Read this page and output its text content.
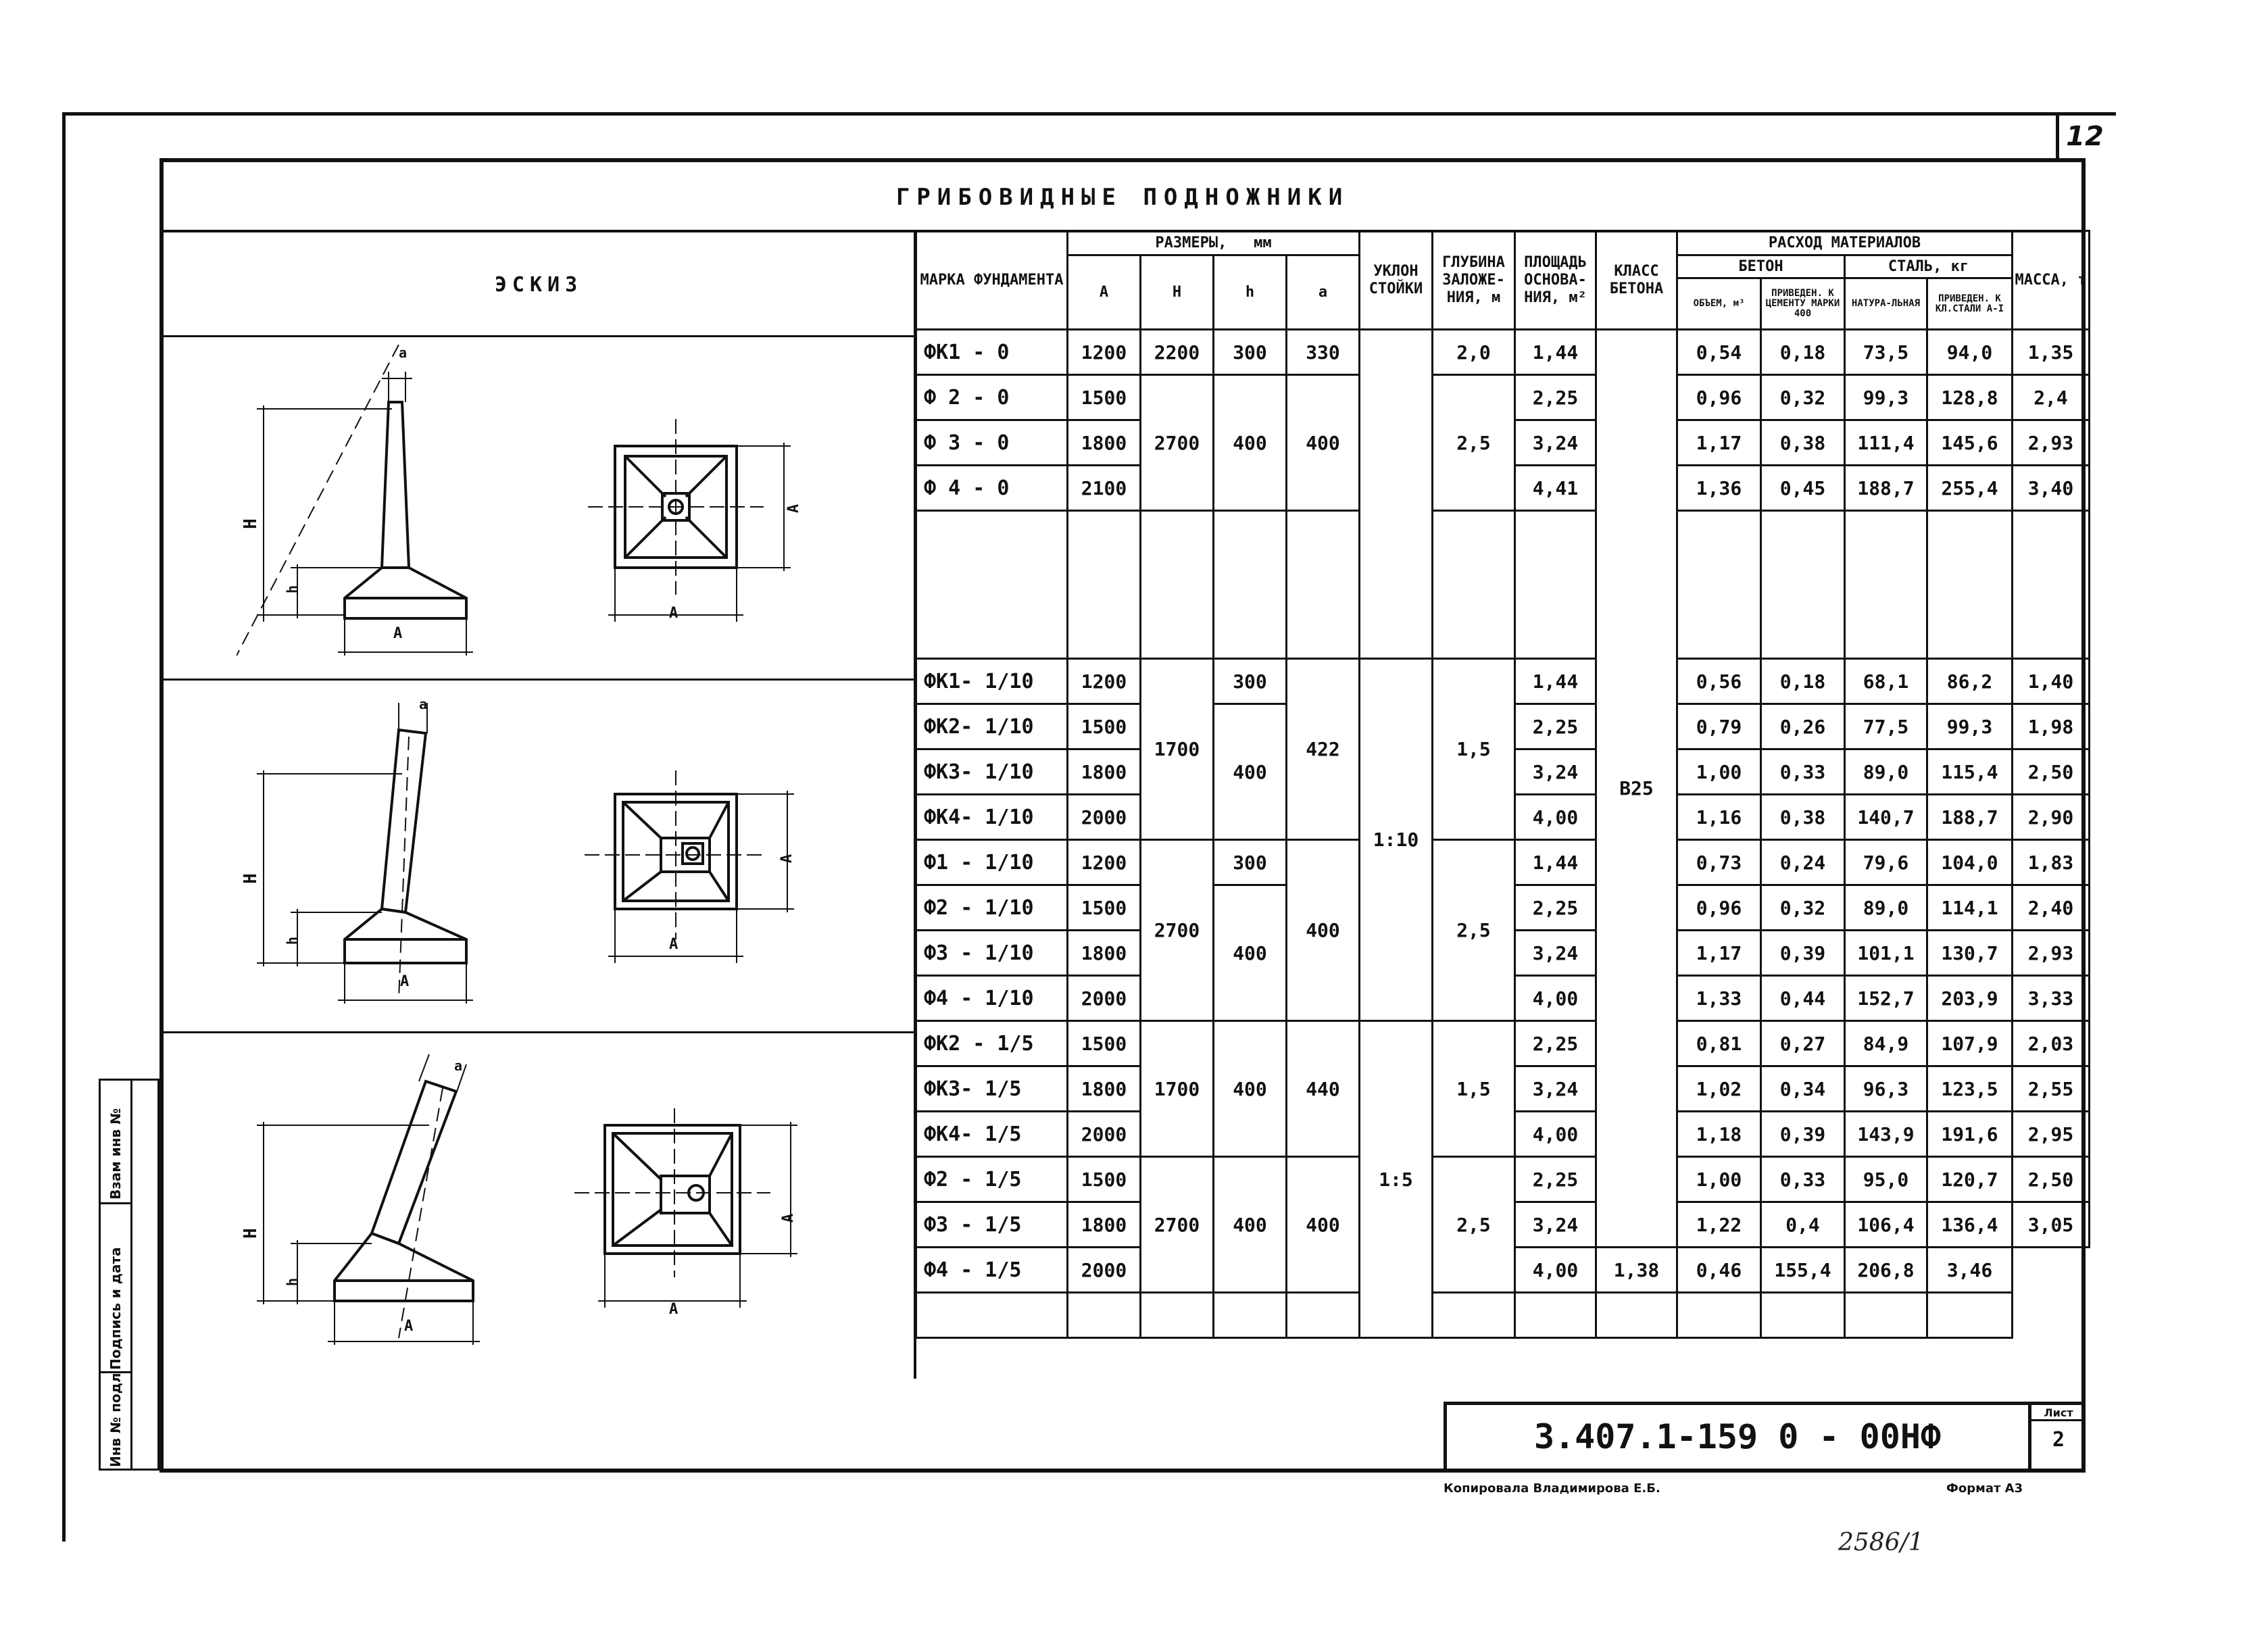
12
ГРИБОВИДНЫЕ ПОДНОЖНИКИ
ЭСКИЗ
H
h
A
a
A
A
H
h
A
a
A
A
H
h
A
a
A
A
МАРКА ФУНДАМЕНТА	РАЗМЕРЫ, мм				УКЛОН СТОЙКИ	ГЛУБИНА ЗАЛОЖЕ-НИЯ, м	ПЛОЩАДЬ ОСНОВА-НИЯ, м²	КЛАСС БЕТОНА	РАСХОД МАТЕРИАЛОВ				МАССА, т
	A	H	h	a					БЕТОН		СТАЛЬ, кг		
									ОБЪЕМ, м³	ПРИВЕДЕН. К ЦЕМЕНТУ МАРКИ 400	НАТУРА-ЛЬНАЯ	ПРИВЕДЕН. К КЛ.СТАЛИ А-I	
ФК1 - 0	1200	2200	300	330		2,0	1,44	B25	0,54	0,18	73,5	94,0	1,35
Ф 2 - 0	1500	2700	400	400		2,5	2,25		0,96	0,32	99,3	128,8	2,4
Ф 3 - 0	1800						3,24		1,17	0,38	111,4	145,6	2,93
Ф 4 - 0	2100						4,41		1,36	0,45	188,7	255,4	3,40

ФК1- 1/10	1200	1700	300	422	1:10	1,5	1,44		0,56	0,18	68,1	86,2	1,40
ФК2- 1/10	1500		400				2,25		0,79	0,26	77,5	99,3	1,98
ФК3- 1/10	1800						3,24		1,00	0,33	89,0	115,4	2,50
ФК4- 1/10	2000						4,00		1,16	0,38	140,7	188,7	2,90
Ф1 - 1/10	1200	2700	300	400		2,5	1,44		0,73	0,24	79,6	104,0	1,83
Ф2 - 1/10	1500		400				2,25		0,96	0,32	89,0	114,1	2,40
Ф3 - 1/10	1800						3,24		1,17	0,39	101,1	130,7	2,93
Ф4 - 1/10	2000						4,00		1,33	0,44	152,7	203,9	3,33
ФК2 - 1/5	1500	1700	400	440	1:5	1,5	2,25		0,81	0,27	84,9	107,9	2,03
ФК3- 1/5	1800						3,24		1,02	0,34	96,3	123,5	2,55
ФК4- 1/5	2000						4,00		1,18	0,39	143,9	191,6	2,95
Ф2 - 1/5	1500	2700	400	400		2,5	2,25		1,00	0,33	95,0	120,7	2,50
Ф3 - 1/5	1800						3,24		1,22	0,4	106,4	136,4	3,05
Ф4 - 1/5	2000						4,00	1,38	0,46	155,4	206,8	3,46	

Инв № подл
Подпись и дата
Взам инв №
3.407.1-159 0 - 00НФ
Лист
2
Копировала Владимирова Е.Б.	Формат А3
2586/1
